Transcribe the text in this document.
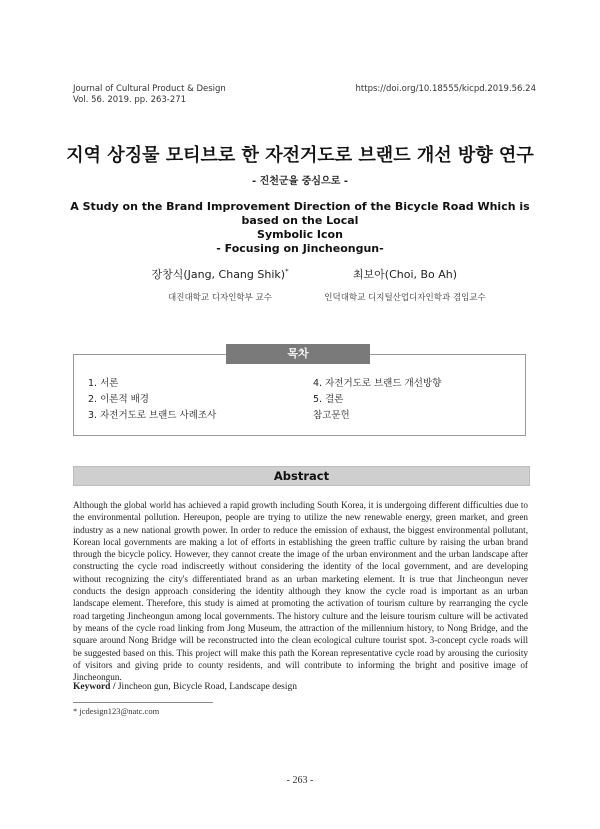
Journal of Cultural Product & Design
Vol. 56. 2019. pp. 263-271
https://doi.org/10.18555/kicpd.2019.56.24
지역 상징물 모티브로 한 자전거도로 브랜드 개선 방향 연구
- 진천군을 중심으로 -
A Study on the Brand Improvement Direction of the Bicycle Road Which is based on the Local
Symbolic Icon
- Focusing on Jincheongun-
장창식(Jang, Chang Shik)*
대진대학교 디자인학부 교수
최보아(Choi, Bo Ah)
인덕대학교 디지털산업디자인학과 겸임교수
목차
1. 서론
2. 이론적 배경
3. 자전거도로 브랜드 사례조사
4. 자전거도로 브랜드 개선방향
5. 결론
참고문헌
Abstract
Although the global world has achieved a rapid growth including South Korea, it is undergoing different difficulties due to the environmental pollution. Hereupon, people are trying to utilize the new renewable energy, green market, and green industry as a new national growth power. In order to reduce the emission of exhaust, the biggest environmental pollutant, Korean local governments are making a lot of efforts in establishing the green traffic culture by raising the urban brand through the bicycle policy. However, they cannot create the image of the urban environment and the urban landscape after constructing the cycle road indiscreetly without considering the identity of the local government, and are developing without recognizing the city's differentiated brand as an urban marketing element. It is true that Jincheongun never conducts the design approach considering the identity although they know the cycle road is important as an urban landscape element. Therefore, this study is aimed at promoting the activation of tourism culture by rearranging the cycle road targeting Jincheongun among local governments. The history culture and the leisure tourism culture will be activated by means of the cycle road linking from Jong Museum, the attraction of the millennium history, to Nong Bridge, and the square around Nong Bridge will be reconstructed into the clean ecological culture tourist spot. 3-concept cycle roads will be suggested based on this. This project will make this path the Korean representative cycle road by arousing the curiosity of visitors and giving pride to county residents, and will contribute to informing the bright and positive image of Jincheongun.
Keyword / Jincheon gun, Bicycle Road, Landscape design
* jcdesign123@natc.com
- 263 -
